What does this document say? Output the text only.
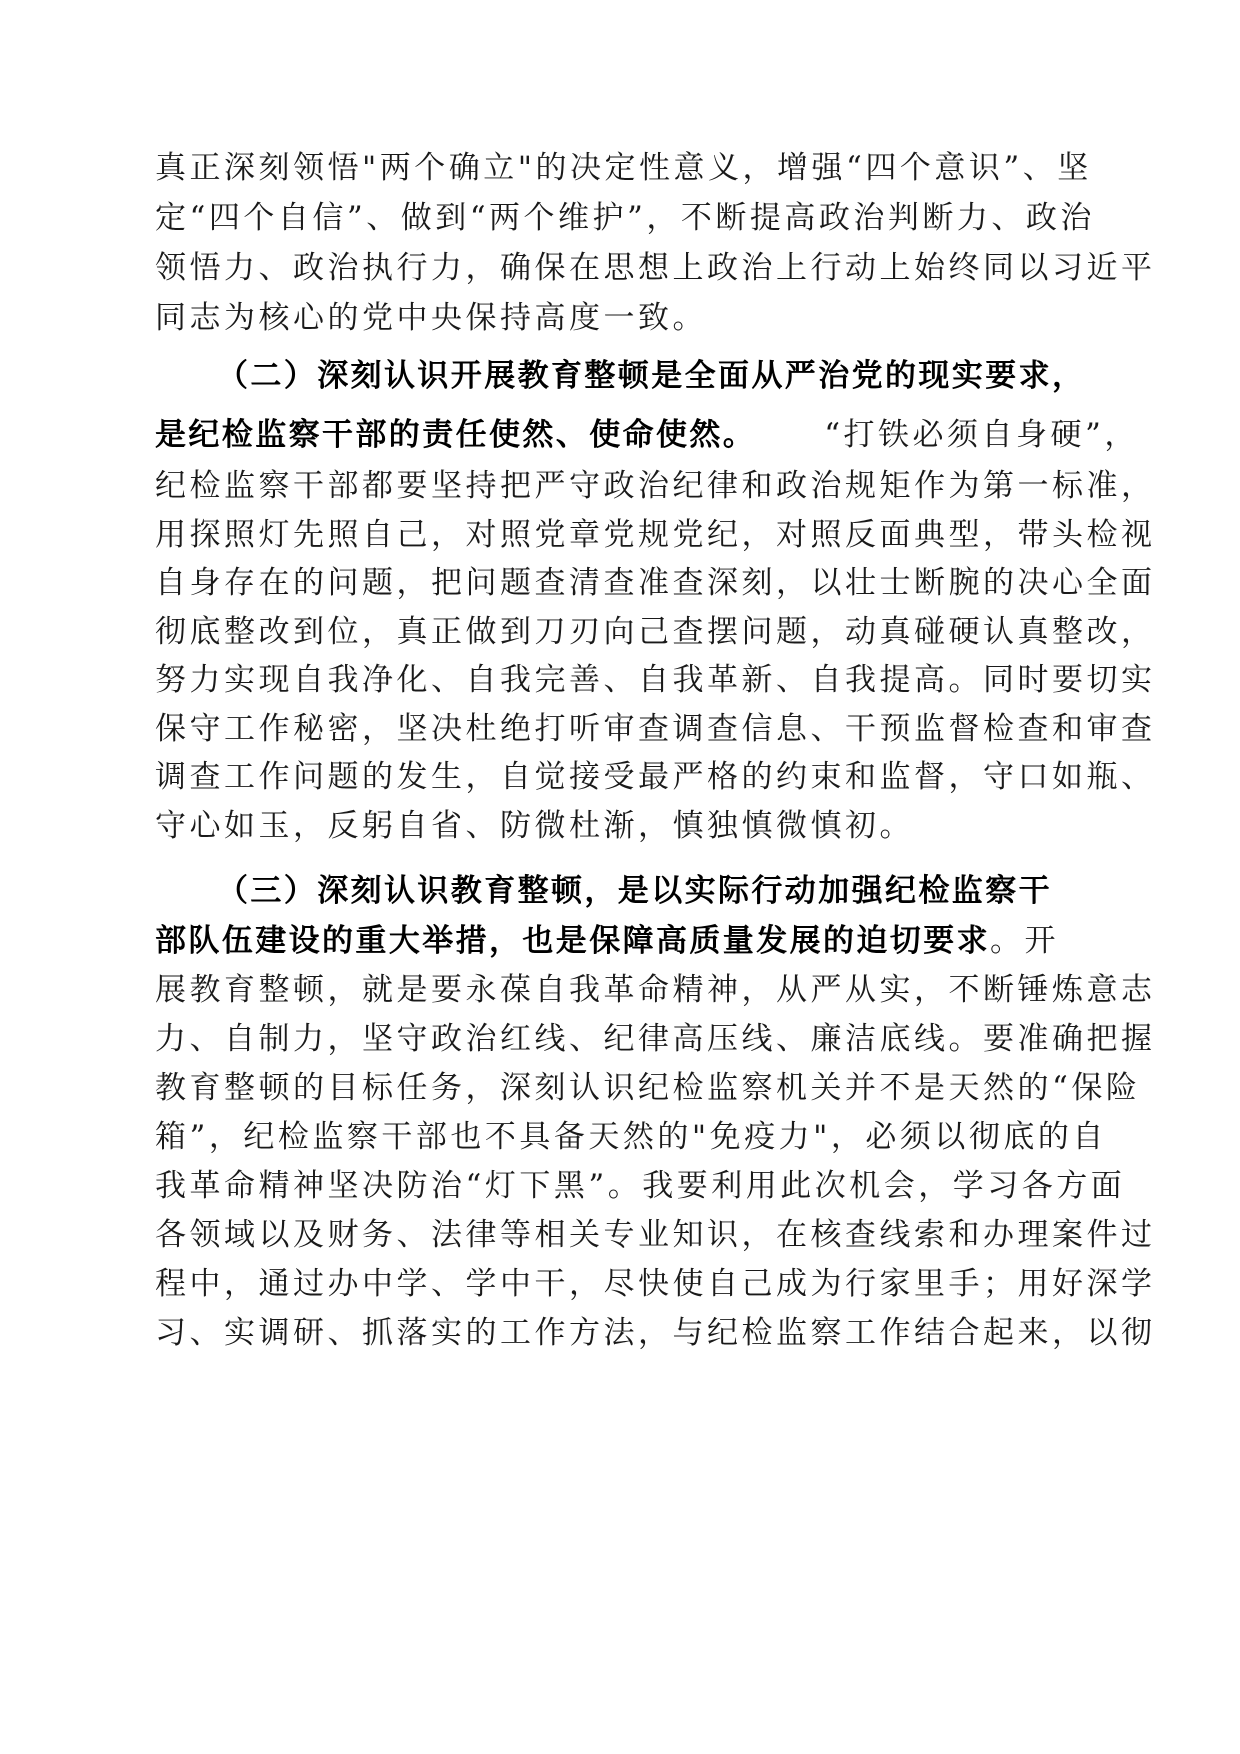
真正深刻领悟"两个确立"的决定性意义，增强“四个意识”、坚
定“四个自信”、做到“两个维护”，不断提高政治判断力、政治
领悟力、政治执行力，确保在思想上政治上行动上始终同以习近平
同志为核心的党中央保持高度一致。
（二）深刻认识开展教育整顿是全面从严治党的现实要求，
是纪检监察干部的责任使然、使命使然。 “打铁必须自身硬”，
纪检监察干部都要坚持把严守政治纪律和政治规矩作为第一标准，
用探照灯先照自己，对照党章党规党纪，对照反面典型，带头检视
自身存在的问题，把问题查清查准查深刻，以壮士断腕的决心全面
彻底整改到位，真正做到刀刃向己查摆问题，动真碰硬认真整改，
努力实现自我净化、自我完善、自我革新、自我提高。同时要切实
保守工作秘密，坚决杜绝打听审查调查信息、干预监督检查和审查
调查工作问题的发生，自觉接受最严格的约束和监督，守口如瓶、
守心如玉，反躬自省、防微杜渐，慎独慎微慎初。
（三）深刻认识教育整顿，是以实际行动加强纪检监察干
部队伍建设的重大举措，也是保障高质量发展的迫切要求。开
展教育整顿，就是要永葆自我革命精神，从严从实，不断锤炼意志
力、自制力，坚守政治红线、纪律高压线、廉洁底线。要准确把握
教育整顿的目标任务，深刻认识纪检监察机关并不是天然的“保险
箱”，纪检监察干部也不具备天然的"免疫力"，必须以彻底的自
我革命精神坚决防治“灯下黑”。我要利用此次机会，学习各方面
各领域以及财务、法律等相关专业知识，在核查线索和办理案件过
程中，通过办中学、学中干，尽快使自己成为行家里手；用好深学
习、实调研、抓落实的工作方法，与纪检监察工作结合起来，以彻
